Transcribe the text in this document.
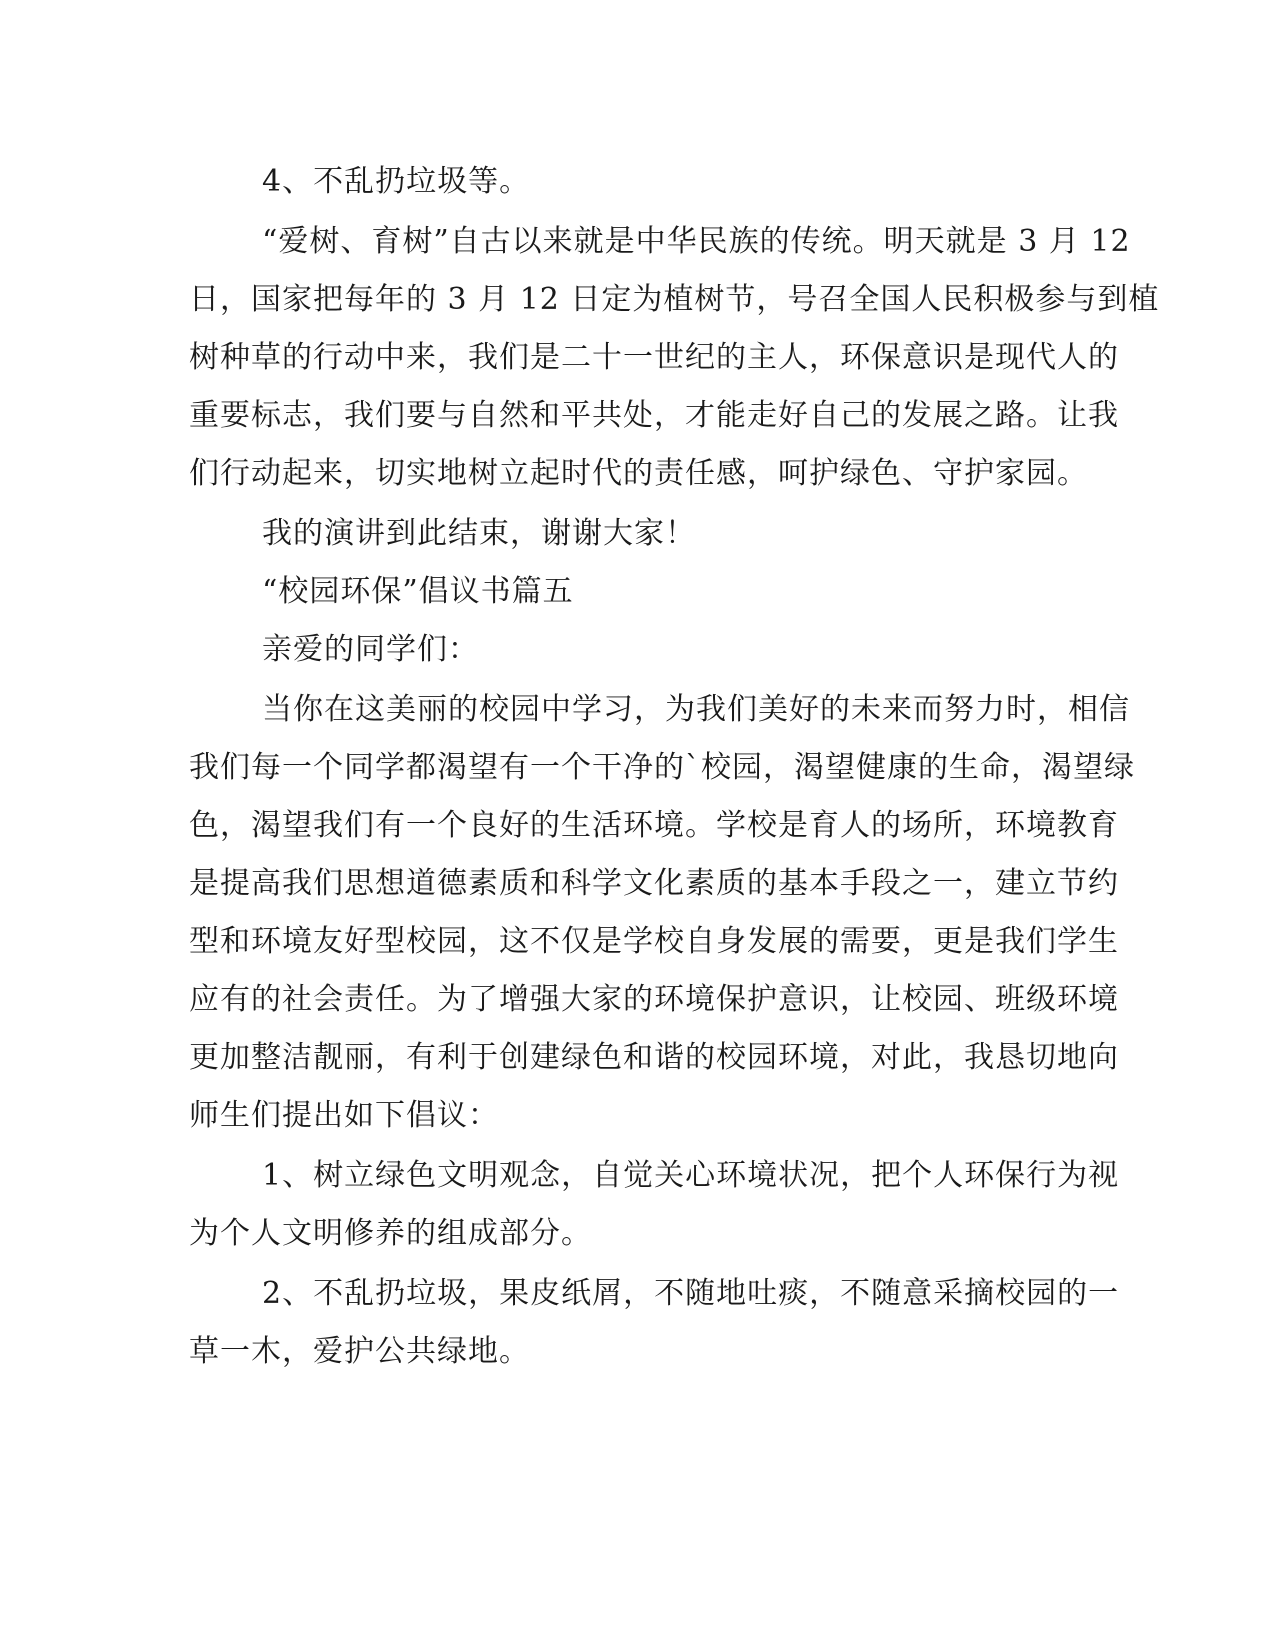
4、不乱扔垃圾等。
“爱树、育树”自古以来就是中华民族的传统。明天就是 3 月 12
日，国家把每年的 3 月 12 日定为植树节，号召全国人民积极参与到植
树种草的行动中来，我们是二十一世纪的主人，环保意识是现代人的
重要标志，我们要与自然和平共处，才能走好自己的发展之路。让我
们行动起来，切实地树立起时代的责任感，呵护绿色、守护家园。
我的演讲到此结束，谢谢大家！
“校园环保”倡议书篇五
亲爱的同学们：
当你在这美丽的校园中学习，为我们美好的未来而努力时，相信
我们每一个同学都渴望有一个干净的`校园，渴望健康的生命，渴望绿
色，渴望我们有一个良好的生活环境。学校是育人的场所，环境教育
是提高我们思想道德素质和科学文化素质的基本手段之一，建立节约
型和环境友好型校园，这不仅是学校自身发展的需要，更是我们学生
应有的社会责任。为了增强大家的环境保护意识，让校园、班级环境
更加整洁靓丽，有利于创建绿色和谐的校园环境，对此，我恳切地向
师生们提出如下倡议：
1、树立绿色文明观念，自觉关心环境状况，把个人环保行为视
为个人文明修养的组成部分。
2、不乱扔垃圾，果皮纸屑，不随地吐痰，不随意采摘校园的一
草一木，爱护公共绿地。
